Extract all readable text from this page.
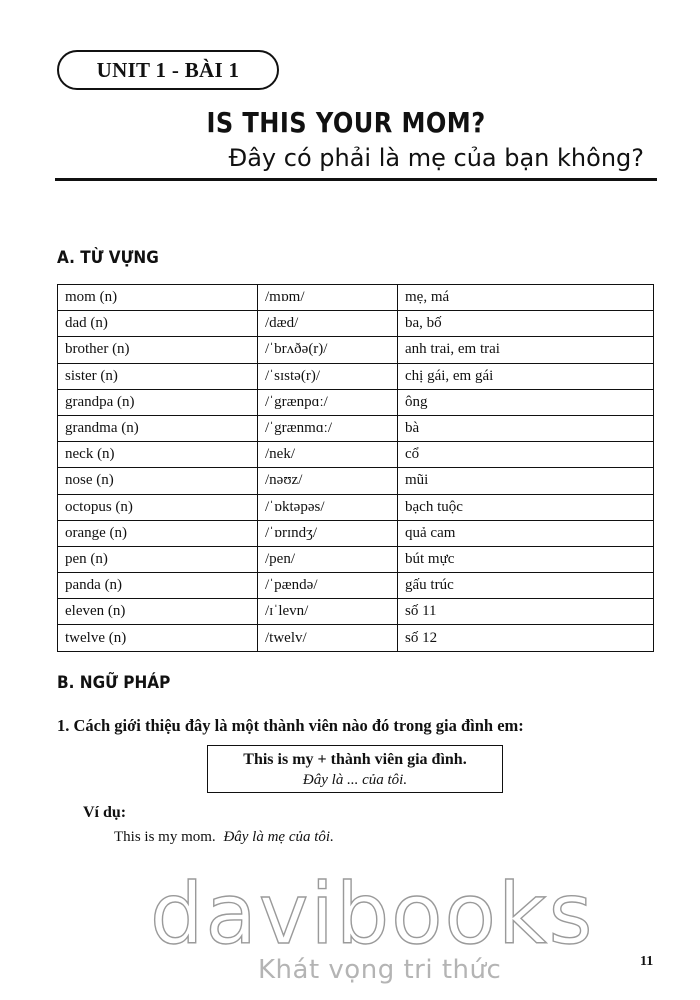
UNIT 1 - BÀI 1
IS THIS YOUR MOM?
Đây có phải là mẹ của bạn không?
A. TỪ VỰNG
mom (n)	/mɒm/	mẹ, má
dad (n)	/dæd/	ba, bố
brother (n)	/ˈbrʌðə(r)/	anh trai, em trai
sister (n)	/ˈsɪstə(r)/	chị gái, em gái
grandpa (n)	/ˈgrænpɑː/	ông
grandma (n)	/ˈgrænmɑː/	bà
neck (n)	/nek/	cổ
nose (n)	/nəʊz/	mũi
octopus (n)	/ˈɒktəpəs/	bạch tuộc
orange (n)	/ˈɒrɪndʒ/	quả cam
pen (n)	/pen/	bút mực
panda (n)	/ˈpændə/	gấu trúc
eleven (n)	/ɪˈlevn/	số 11
twelve (n)	/twelv/	số 12
B. NGỮ PHÁP
1. Cách giới thiệu đây là một thành viên nào đó trong gia đình em:
This is my + thành viên gia đình.
Đây là ... của tôi.
Ví dụ:
This is my mom. Đây là mẹ của tôi.
davibooks
Khát vọng tri thức	11
